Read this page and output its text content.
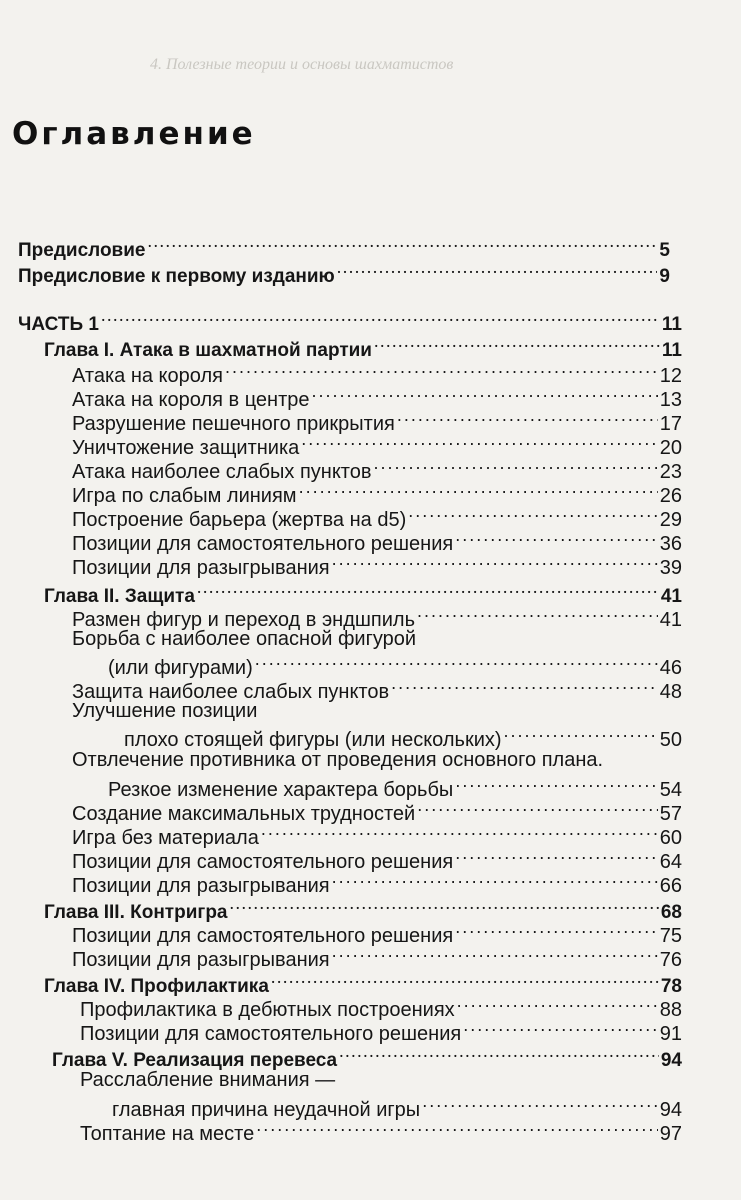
4. Полезные теории и основы шахматистов
Оглавление
Предисловие . . .	5
Предисловие к первому изданию . . .	9
ЧАСТЬ 1 . . .	11
Глава I. Атака в шахматной партии . . .	11
Атака на короля . . .	12
Атака на короля в центре . . .	13
Разрушение пешечного прикрытия . . .	17
Уничтожение защитника . . .	20
Атака наиболее слабых пунктов . . .	23
Игра по слабым линиям . . .	26
Построение барьера (жертва на d5) . . .	29
Позиции для самостоятельного решения . . .	36
Позиции для разыгрывания . . .	39
Глава II. Защита . . .	41
Размен фигур и переход в эндшпиль . . .	41
Борьба с наиболее опасной фигурой
(или фигурами) . . .	46
Защита наиболее слабых пунктов . . .	48
Улучшение позиции
плохо стоящей фигуры (или нескольких) . . .	50
Отвлечение противника от проведения основного плана.
Резкое изменение характера борьбы . . .	54
Создание максимальных трудностей . . .	57
Игра без материала . . .	60
Позиции для самостоятельного решения . . .	64
Позиции для разыгрывания . . .	66
Глава III. Контригра . . .	68
Позиции для самостоятельного решения . . .	75
Позиции для разыгрывания . . .	76
Глава IV. Профилактика . . .	78
Профилактика в дебютных построениях . . .	88
Позиции для самостоятельного решения . . .	91
Глава V. Реализация перевеса . . .	94
Расслабление внимания —
главная причина неудачной игры . . .	94
Топтание на месте . . .	97
